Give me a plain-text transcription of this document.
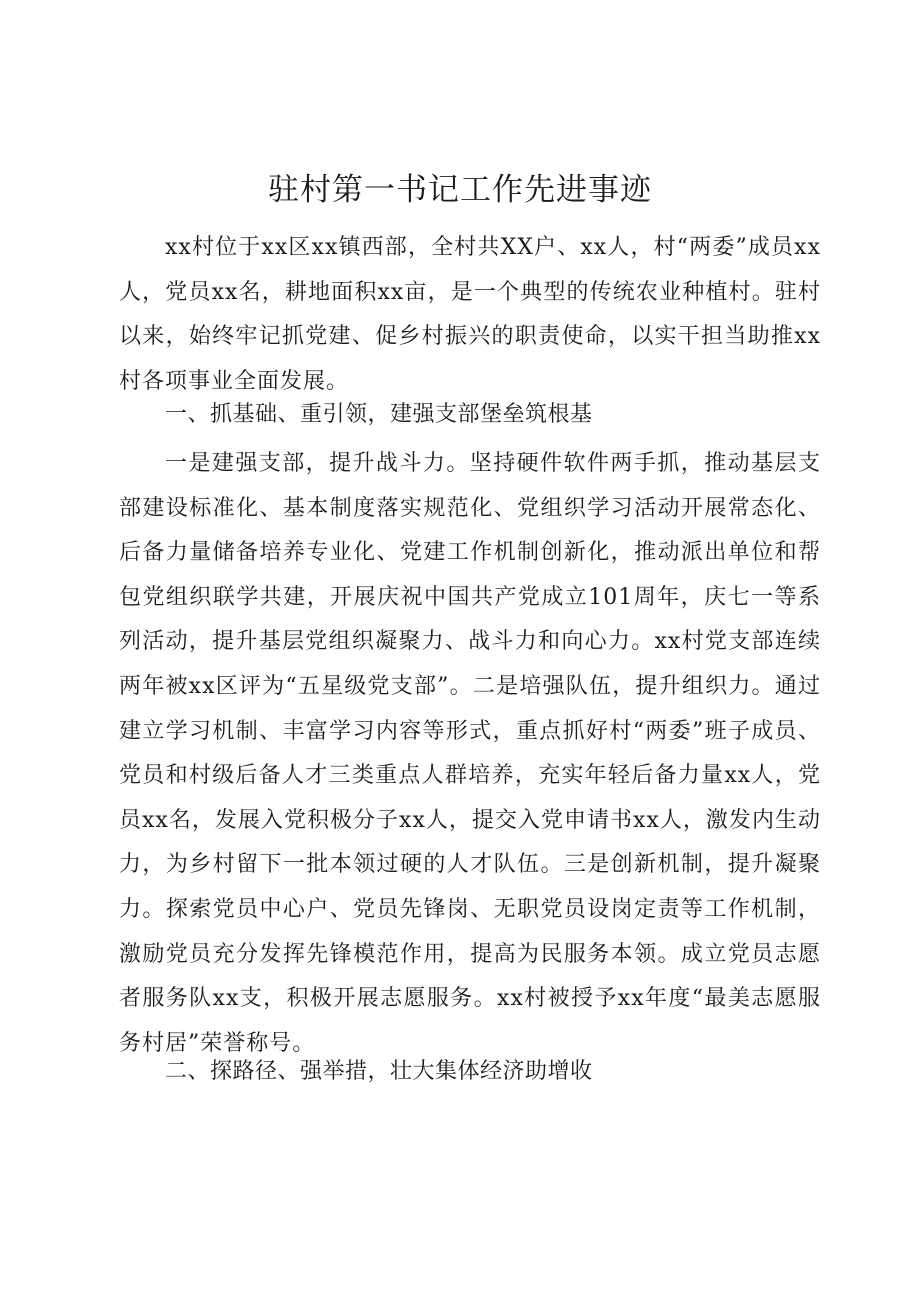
驻村第一书记工作先进事迹

xx村位于xx区xx镇西部，全村共XX户、xx人，村“两委”成员xx人，党员xx名，耕地面积xx亩，是一个典型的传统农业种植村。驻村以来，始终牢记抓党建、促乡村振兴的职责使命，以实干担当助推xx村各项事业全面发展。

一、抓基础、重引领，建强支部堡垒筑根基

一是建强支部，提升战斗力。坚持硬件软件两手抓，推动基层支部建设标准化、基本制度落实规范化、党组织学习活动开展常态化、后备力量储备培养专业化、党建工作机制创新化，推动派出单位和帮包党组织联学共建，开展庆祝中国共产党成立101周年，庆七一等系列活动，提升基层党组织凝聚力、战斗力和向心力。xx村党支部连续两年被xx区评为“五星级党支部”。二是培强队伍，提升组织力。通过建立学习机制、丰富学习内容等形式，重点抓好村“两委”班子成员、党员和村级后备人才三类重点人群培养，充实年轻后备力量xx人，党员xx名，发展入党积极分子xx人，提交入党申请书xx人，激发内生动力，为乡村留下一批本领过硬的人才队伍。三是创新机制，提升凝聚力。探索党员中心户、党员先锋岗、无职党员设岗定责等工作机制，激励党员充分发挥先锋模范作用，提高为民服务本领。成立党员志愿者服务队xx支，积极开展志愿服务。xx村被授予xx年度“最美志愿服务村居”荣誉称号。

二、探路径、强举措，壮大集体经济助增收
